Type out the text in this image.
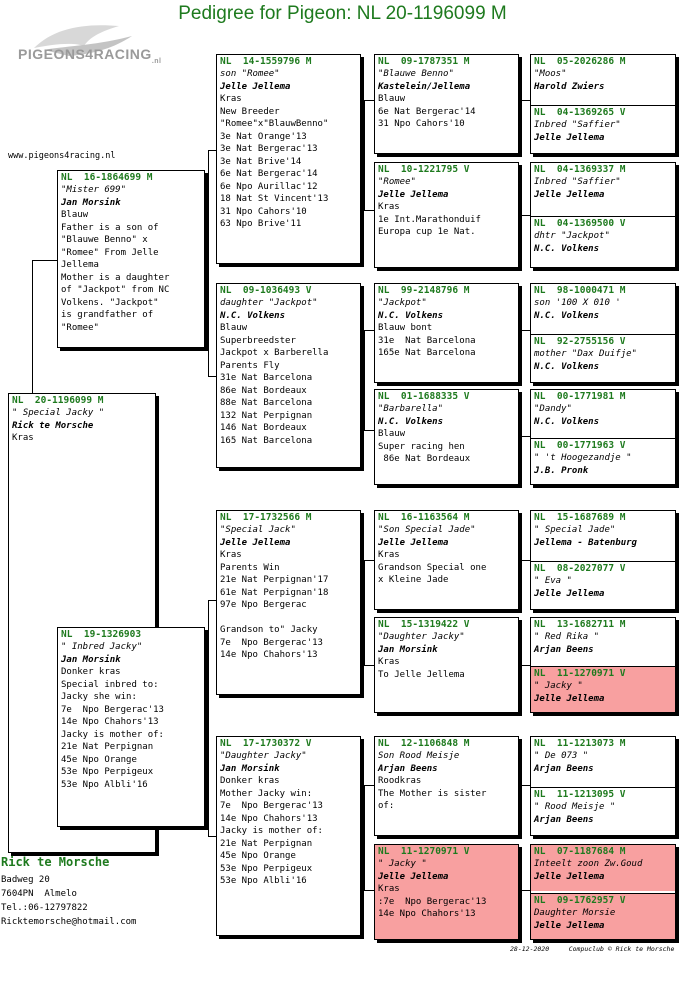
Pedigree for Pigeon: NL 20-1196099 M
$PIGEONS4RACING_{.nl}$
www.pigeons4racing.nl
NL  20-1196099 M
" Special Jacky "
Rick te Morsche
Kras
NL  16-1864699 M
"Mister 699"
Jan Morsink
Blauw
Father is a son of
"Blauwe Benno" x
"Romee" From Jelle
Jellema
Mother is a daughter
of "Jackpot" from NC
Volkens. "Jackpot"
is grandfather of
"Romee"
NL  19-1326903
" Inbred Jacky"
Jan Morsink
Donker kras
Special inbred to:
Jacky she win:
7e  Npo Bergerac'13
14e Npo Chahors'13
Jacky is mother of:
21e Nat Perpignan
45e Npo Orange
53e Npo Perpigeux
53e Npo Albli'16
NL  14-1559796 M
son "Romee"
Jelle Jellema
Kras
New Breeder
"Romee"x"BlauwBenno"
3e Nat Orange'13
3e Nat Bergerac'13
3e Nat Brive'14
6e Nat Bergerac'14
6e Npo Aurillac'12
18 Nat St Vincent'13
31 Npo Cahors'10
63 Npo Brive'11
NL  09-1036493 V
daughter "Jackpot"
N.C. Volkens
Blauw
Superbreedster
Jackpot x Barberella
Parents Fly
31e Nat Barcelona
86e Nat Bordeaux
88e Nat Barcelona
132 Nat Perpignan
146 Nat Bordeaux
165 Nat Barcelona
NL  17-1732566 M
"Special Jack"
Jelle Jellema
Kras
Parents Win
21e Nat Perpignan'17
61e Nat Perpignan'18
97e Npo Bergerac

Grandson to" Jacky
7e  Npo Bergerac'13
14e Npo Chahors'13
NL  17-1730372 V
"Daughter Jacky"
Jan Morsink
Donker kras
Mother Jacky win:
7e  Npo Bergerac'13
14e Npo Chahors'13
Jacky is mother of:
21e Nat Perpignan
45e Npo Orange
53e Npo Perpigeux
53e Npo Albli'16
NL  09-1787351 M
"Blauwe Benno"
Kastelein/Jellema
Blauw
6e Nat Bergerac'14
31 Npo Cahors'10
NL  10-1221795 V
"Romee"
Jelle Jellema
Kras
1e Int.Marathonduif
Europa cup 1e Nat.
NL  99-2148796 M
"Jackpot"
N.C. Volkens
Blauw bont
31e  Nat Barcelona
165e Nat Barcelona
NL  01-1688335 V
"Barbarella"
N.C. Volkens
Blauw
Super racing hen
86e Nat Bordeaux
NL  16-1163564 M
"Son Special Jade"
Jelle Jellema
Kras
Grandson Special one
x Kleine Jade
NL  15-1319422 V
"Daughter Jacky"
Jan Morsink
Kras
To Jelle Jellema
NL  12-1106848 M
Son Rood Meisje
Arjan Beens
Roodkras
The Mother is sister
of:
NL  11-1270971 V
" Jacky "
Jelle Jellema
Kras
:7e  Npo Bergerac'13
14e Npo Chahors'13
NL  05-2026286 M
"Moos"
Harold Zwiers
NL  04-1369265 V
Inbred "Saffier"
Jelle Jellema
NL  04-1369337 M
Inbred "Saffier"
Jelle Jellema
NL  04-1369500 V
dhtr "Jackpot"
N.C. Volkens
NL  98-1000471 M
son '100 X 010 '
N.C. Volkens
NL  92-2755156 V
mother "Dax Duifje"
N.C. Volkens
NL  00-1771981 M
"Dandy"
N.C. Volkens
NL  00-1771963 V
" 't Hoogezandje "
J.B. Pronk
NL  15-1687689 M
" Special Jade"
Jellema - Batenburg
NL  08-2027077 V
" Eva "
Jelle Jellema
NL  13-1682711 M
" Red Rika "
Arjan Beens
NL  11-1270971 V
" Jacky "
Jelle Jellema
NL  11-1213073 M
" De 073 "
Arjan Beens
NL  11-1213095 V
" Rood Meisje "
Arjan Beens
NL  07-1187684 M
Inteelt zoon Zw.Goud
Jelle Jellema
NL  09-1762957 V
Daughter Morsie
Jelle Jellema
Rick te Morsche
Badweg 20
7604PN  Almelo
Tel.:06-12797822
Ricktemorsche@hotmail.com
28-12-2020     Compuclub © Rick te Morsche
